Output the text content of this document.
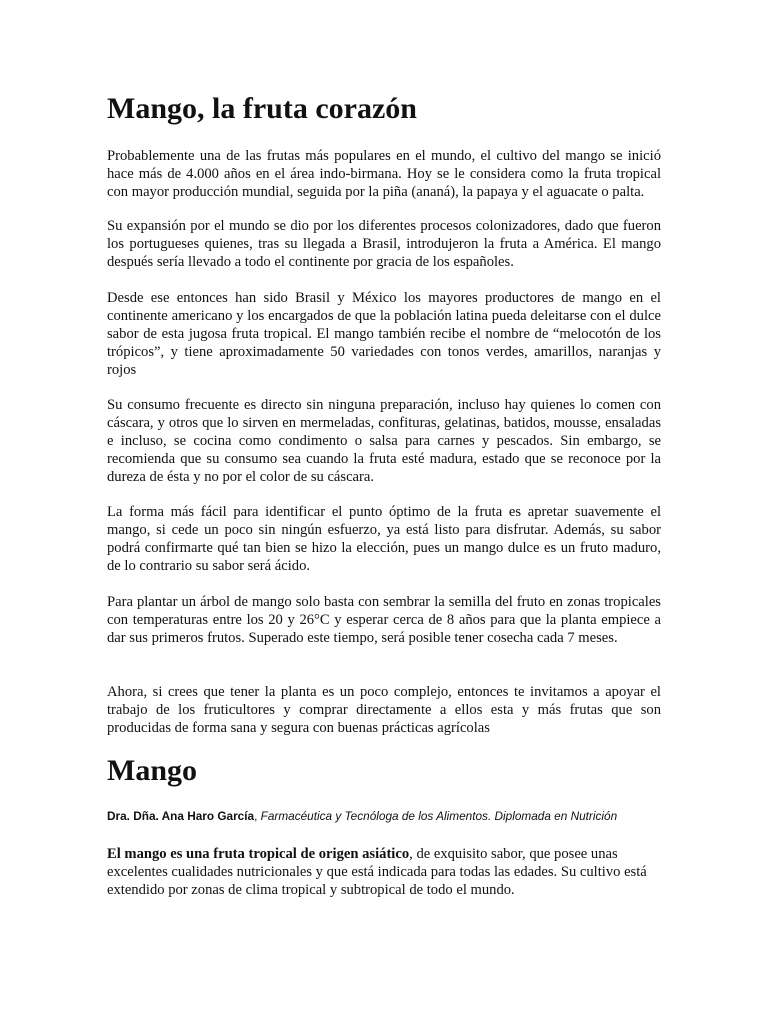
Mango, la fruta corazón

Probablemente una de las frutas más populares en el mundo, el cultivo del mango se inició hace más de 4.000 años en el área indo-birmana. Hoy se le considera como la fruta tropical con mayor producción mundial, seguida por la piña (ananá), la papaya y el aguacate o palta.

Su expansión por el mundo se dio por los diferentes procesos colonizadores, dado que fueron los portugueses quienes, tras su llegada a Brasil, introdujeron la fruta a América. El mango después sería llevado a todo el continente por gracia de los españoles.

Desde ese entonces han sido Brasil y México los mayores productores de mango en el continente americano y los encargados de que la población latina pueda deleitarse con el dulce sabor de esta jugosa fruta tropical. El mango también recibe el nombre de “melocotón de los trópicos”, y tiene aproximadamente 50 variedades con tonos verdes, amarillos, naranjas y rojos

Su consumo frecuente es directo sin ninguna preparación, incluso hay quienes lo comen con cáscara, y otros que lo sirven en mermeladas, confituras, gelatinas, batidos, mousse, ensaladas e incluso, se cocina como condimento o salsa para carnes y pescados. Sin embargo, se recomienda que su consumo sea cuando la fruta esté madura, estado que se reconoce por la dureza de ésta y no por el color de su cáscara.

La forma más fácil para identificar el punto óptimo de la fruta es apretar suavemente el mango, si cede un poco sin ningún esfuerzo, ya está listo para disfrutar. Además, su sabor podrá confirmarte qué tan bien se hizo la elección, pues un mango dulce es un fruto maduro, de lo contrario su sabor será ácido.

Para plantar un árbol de mango solo basta con sembrar la semilla del fruto en zonas tropicales con temperaturas entre los 20 y 26°C y esperar cerca de 8 años para que la planta empiece a dar sus primeros frutos. Superado este tiempo, será posible tener cosecha cada 7 meses.

Ahora, si crees que tener la planta es un poco complejo, entonces te invitamos a apoyar el trabajo de los fruticultores y comprar directamente a ellos esta y más frutas que son producidas de forma sana y segura con buenas prácticas agrícolas

Mango

Dra. Dña. Ana Haro García, Farmacéutica y Tecnóloga de los Alimentos. Diplomada en Nutrición

El mango es una fruta tropical de origen asiático, de exquisito sabor, que posee unas excelentes cualidades nutricionales y que está indicada para todas las edades. Su cultivo está extendido por zonas de clima tropical y subtropical de todo el mundo.
